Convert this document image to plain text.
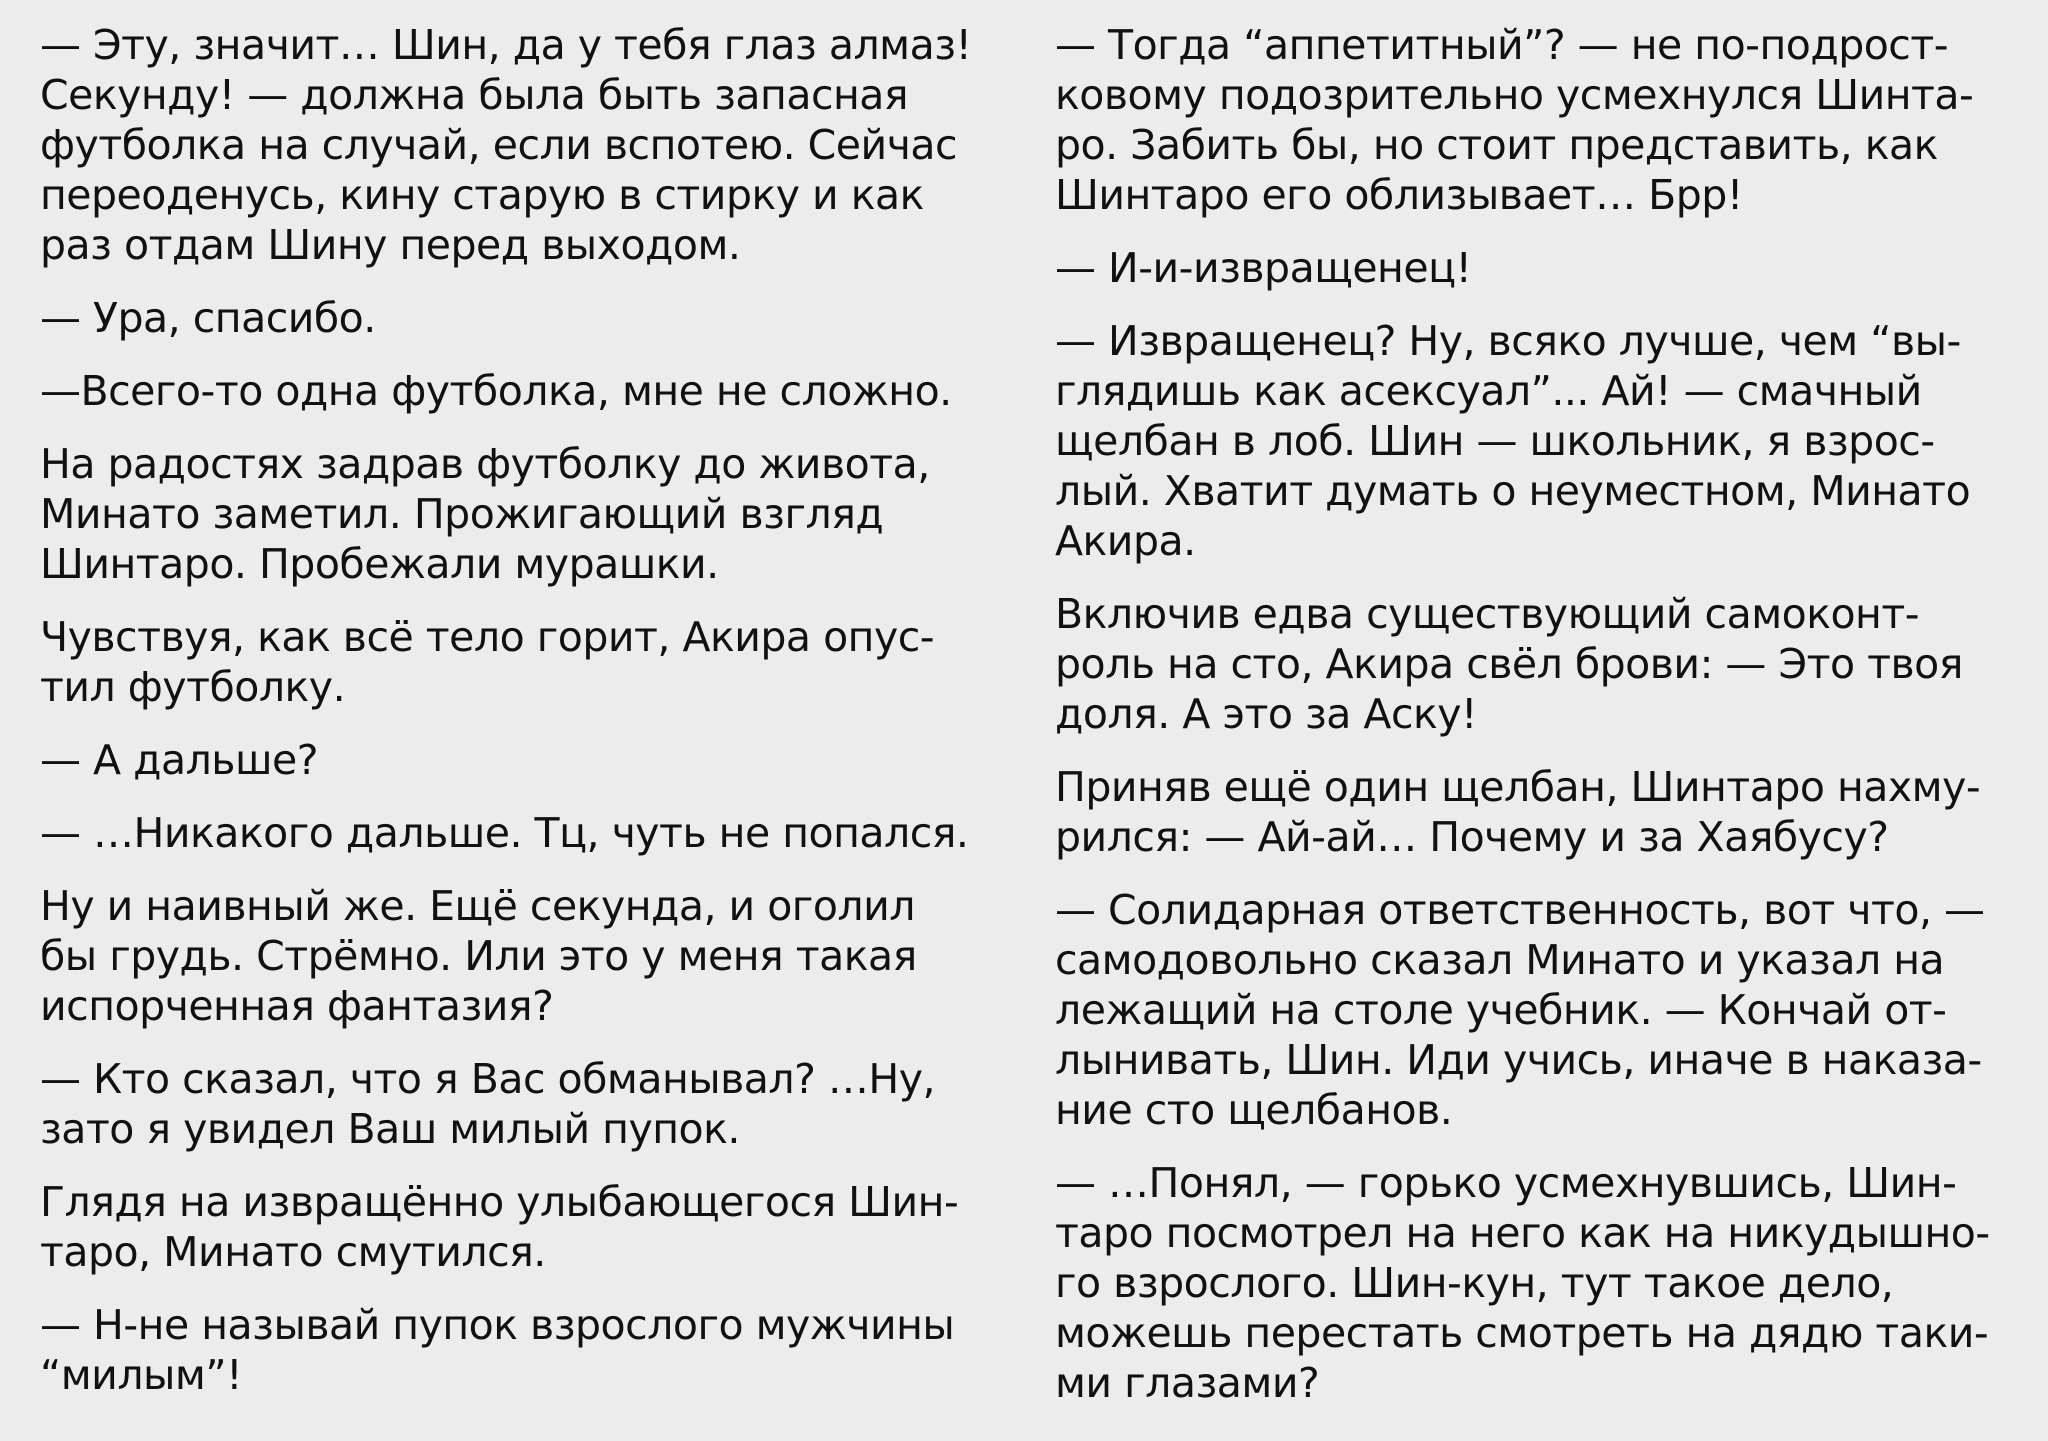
— Эту, значит… Шин, да у тебя глаз алмаз!
Секунду! — должна была быть запасная
футболка на случай, если вспотею. Сейчас
переоденусь, кину старую в стирку и как
раз отдам Шину перед выходом.

— Ура, спасибо.

—Всего-то одна футболка, мне не сложно.

На радостях задрав футболку до живота,
Минато заметил. Прожигающий взгляд
Шинтаро. Пробежали мурашки.

Чувствуя, как всё тело горит, Акира опус-
тил футболку.

— А дальше?

— …Никакого дальше. Тц, чуть не попался.

Ну и наивный же. Ещё секунда, и оголил
бы грудь. Стрёмно. Или это у меня такая
испорченная фантазия?

— Кто сказал, что я Вас обманывал? …Ну,
зато я увидел Ваш милый пупок.

Глядя на извращённо улыбающегося Шин-
таро, Минато смутился.

— Н-не называй пупок взрослого мужчины
“милым”!

— Тогда “аппетитный”? — не по-подрост-
ковому подозрительно усмехнулся Шинта-
ро. Забить бы, но стоит представить, как
Шинтаро его облизывает… Брр!

— И-и-извращенец!

— Извращенец? Ну, всяко лучше, чем “вы-
глядишь как асексуал”... Ай! — смачный
щелбан в лоб. Шин — школьник, я взрос-
лый. Хватит думать о неуместном, Минато
Акира.

Включив едва существующий самоконт-
роль на сто, Акира свёл брови: — Это твоя
доля. А это за Аску!

Приняв ещё один щелбан, Шинтаро нахму-
рился: — Ай-ай… Почему и за Хаябусу?

— Солидарная ответственность, вот что, —
самодовольно сказал Минато и указал на
лежащий на столе учебник. — Кончай от-
лынивать, Шин. Иди учись, иначе в наказа-
ние сто щелбанов.

— …Понял, — горько усмехнувшись, Шин-
таро посмотрел на него как на никудышно-
го взрослого. Шин-кун, тут такое дело,
можешь перестать смотреть на дядю таки-
ми глазами?
